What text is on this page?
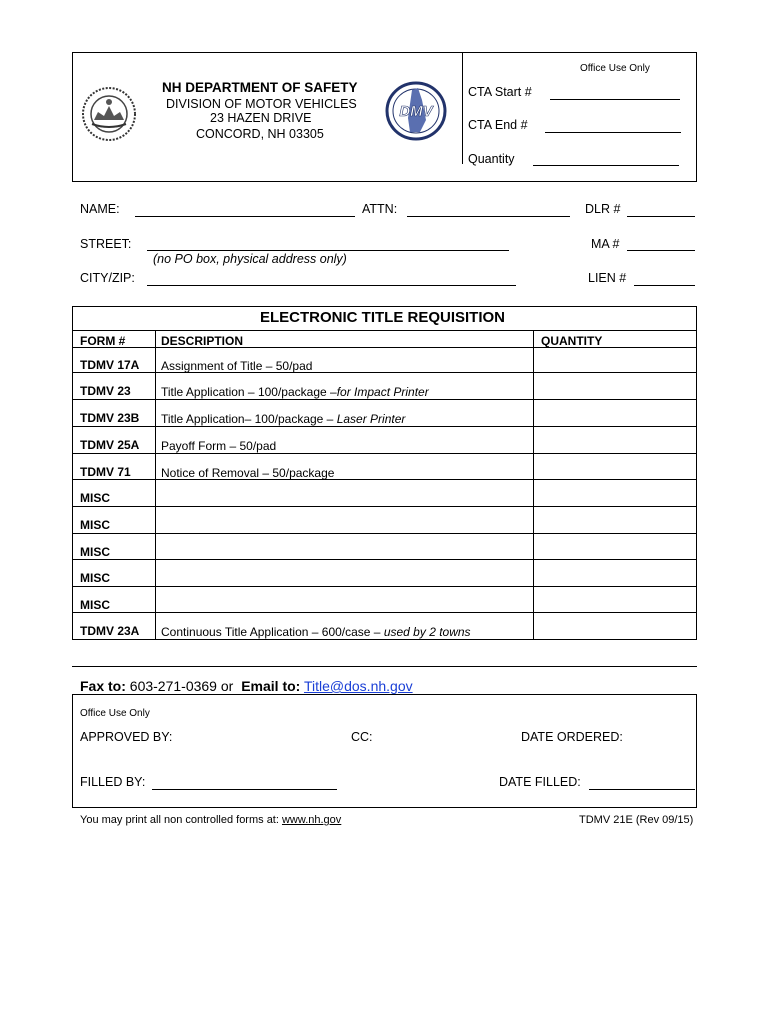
NH DEPARTMENT OF SAFETY
DIVISION OF MOTOR VEHICLES
23 HAZEN DRIVE
CONCORD, NH 03305
DMV
Office Use Only
CTA Start #
CTA End #
Quantity
NAME:	ATTN:	DLR #
STREET:	MA #
(no PO box, physical address only)
CITY/ZIP:	LIEN #
ELECTRONIC TITLE REQUISITION
FORM #	DESCRIPTION	QUANTITY
TDMV 17A Assignment of Title – 50/pad
TDMV 23	Title Application – 100/package –for Impact Printer
TDMV 23B Title Application– 100/package – Laser Printer
TDMV 25A Payoff Form – 50/pad
TDMV 71	Notice of Removal – 50/package
MISC
MISC
MISC
MISC
MISC
TDMV 23A Continuous Title Application – 600/case – used by 2 towns
Fax to: 603-271-0369 or Email to: Title@dos.nh.gov
Office Use Only
APPROVED BY:	CC:	DATE ORDERED:
FILLED BY:	DATE FILLED:
You may print all non controlled forms at: www.nh.gov	TDMV 21E (Rev 09/15)
